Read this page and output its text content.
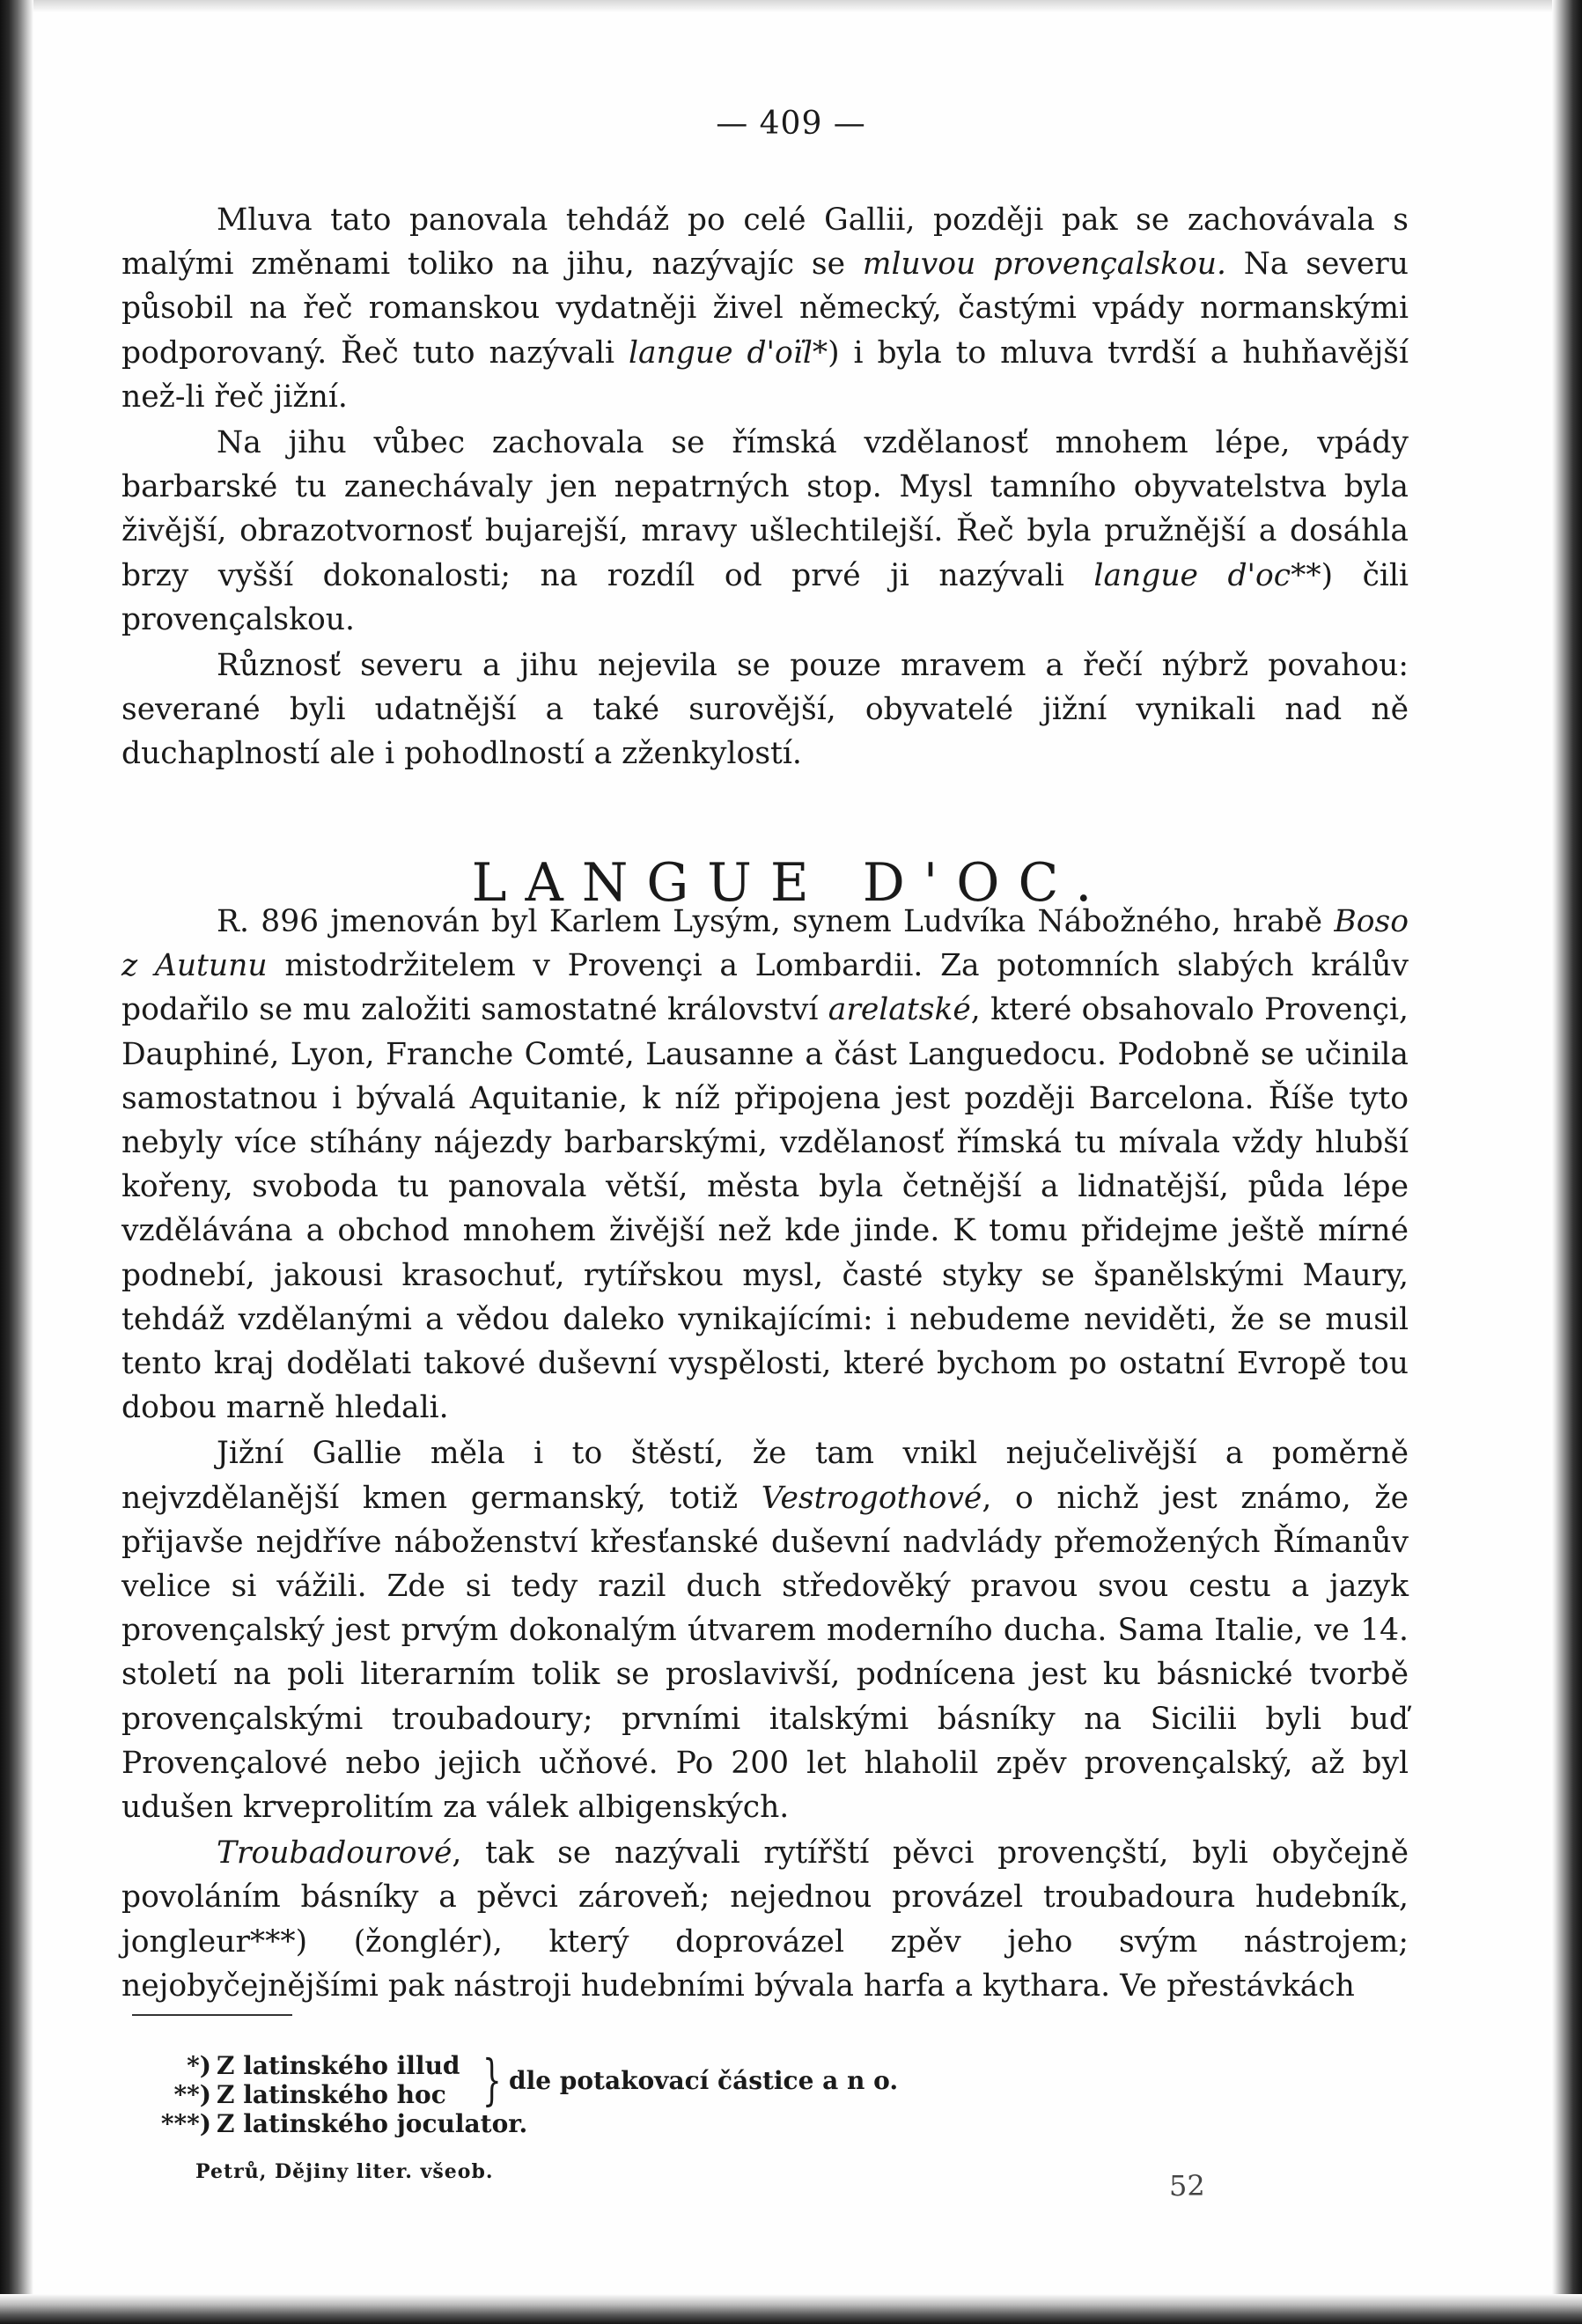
— 409 —

Mluva tato panovala tehdáž po celé Gallii, později pak se zachovávala s malými změnami toliko na jihu, nazývajíc se mluvou provençalskou. Na severu působil na řeč romanskou vydatněji živel německý, častými vpády normanskými podporovaný. Řeč tuto nazývali langue d'oïl*) i byla to mluva tvrdší a huhňavější než-li řeč jižní.

Na jihu vůbec zachovala se římská vzdělanosť mnohem lépe, vpády barbarské tu zanechávaly jen nepatrných stop. Mysl tamního obyvatelstva byla živější, obrazotvornosť bujarejší, mravy ušlechtilejší. Řeč byla pružnější a dosáhla brzy vyšší dokonalosti; na rozdíl od prvé ji nazývali langue d'oc**) čili provençalskou.

Různosť severu a jihu nejevila se pouze mravem a řečí nýbrž povahou: severané byli udatnější a také surovější, obyvatelé jižní vynikali nad ně duchaplností ale i pohodlností a zženkylostí.

LANGUE D'OC.

R. 896 jmenován byl Karlem Lysým, synem Ludvíka Nábožného, hrabě Boso z Autunu mistodržitelem v Provençi a Lombardii. Za potomních slabých králův podařilo se mu založiti samostatné království arelatské, které obsahovalo Provençi, Dauphiné, Lyon, Franche Comté, Lausanne a část Languedocu. Podobně se učinila samostatnou i bývalá Aquitanie, k níž připojena jest později Barcelona. Říše tyto nebyly více stíhány nájezdy barbarskými, vzdělanosť římská tu mívala vždy hlubší kořeny, svoboda tu panovala větší, města byla četnější a lidnatější, půda lépe vzdělávána a obchod mnohem živější než kde jinde. K tomu přidejme ještě mírné podnebí, jakousi krasochuť, rytířskou mysl, časté styky se španělskými Maury, tehdáž vzdělanými a vědou daleko vynikajícími: i nebudeme neviděti, že se musil tento kraj dodělati takové duševní vyspělosti, které bychom po ostatní Evropě tou dobou marně hledali.

Jižní Gallie měla i to štěstí, že tam vnikl nejučelivější a poměrně nejvzdělanější kmen germanský, totiž Vestrogothové, o nichž jest známo, že přijavše nejdříve náboženství křesťanské duševní nadvlády přemožených Římanův velice si vážili. Zde si tedy razil duch středověký pravou svou cestu a jazyk provençalský jest prvým dokonalým útvarem moderního ducha. Sama Italie, ve 14. století na poli literarním tolik se proslavivší, podnícena jest ku básnické tvorbě provençalskými troubadoury; prvními italskými básníky na Sicilii byli buď Provençalové nebo jejich učňové. Po 200 let hlaholil zpěv provençalský, až byl udušen krveprolitím za válek albigenských.

Troubadourové, tak se nazývali rytířští pěvci provençští, byli obyčejně povoláním básníky a pěvci zároveň; nejednou provázel troubadoura hudebník, jongleur***) (žonglér), který doprovázel zpěv jeho svým nástrojem; nejobyčejnějšími pak nástroji hudebními bývala harfa a kythara. Ve přestávkách

*) Z latinského illud
**) Z latinského hoc
***) Z latinského joculator.
} dle potakovací částice a n o.
Petrů, Dějiny liter. všeob.	52
